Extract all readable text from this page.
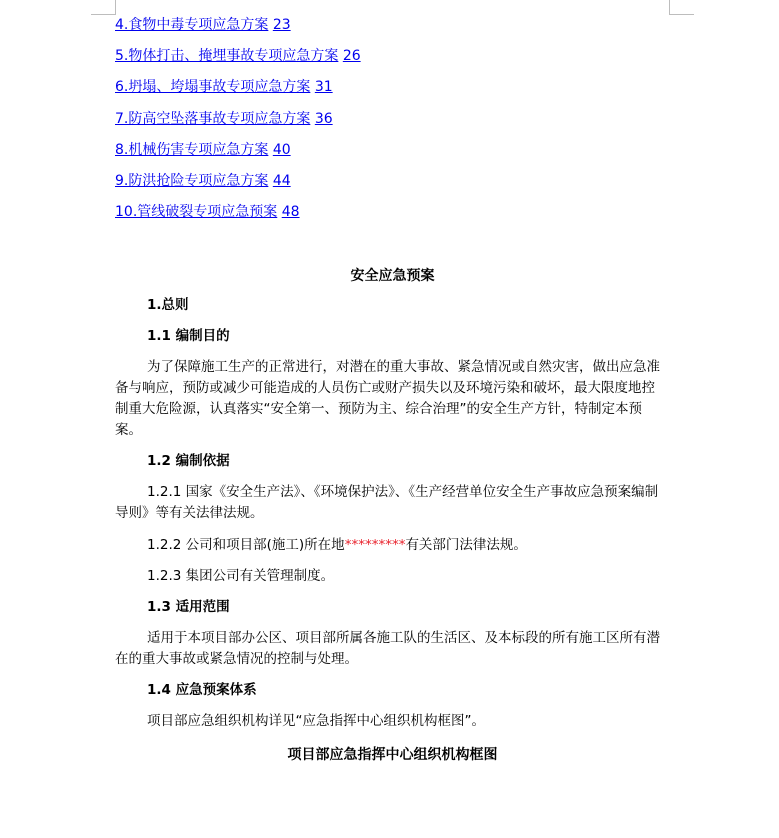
4.食物中毒专项应急方案 23
5.物体打击、掩埋事故专项应急方案 26
6.坍塌、垮塌事故专项应急方案 31
7.防高空坠落事故专项应急方案 36
8.机械伤害专项应急方案 40
9.防洪抢险专项应急方案 44
10.管线破裂专项应急预案 48
安全应急预案
1.总则
1.1 编制目的
为了保障施工生产的正常进行，对潜在的重大事故、紧急情况或自然灾害，做出应急准备与响应，预防或减少可能造成的人员伤亡或财产损失以及环境污染和破坏，最大限度地控制重大危险源，认真落实“安全第一、预防为主、综合治理”的安全生产方针，特制定本预案。
1.2 编制依据
1.2.1 国家《安全生产法》、《环境保护法》、《生产经营单位安全生产事故应急预案编制导则》等有关法律法规。
1.2.2 公司和项目部(施工)所在地*********有关部门法律法规。
1.2.3 集团公司有关管理制度。
1.3 适用范围
适用于本项目部办公区、项目部所属各施工队的生活区、及本标段的所有施工区所有潜在的重大事故或紧急情况的控制与处理。
1.4 应急预案体系
项目部应急组织机构详见“应急指挥中心组织机构框图”。
项目部应急指挥中心组织机构框图
